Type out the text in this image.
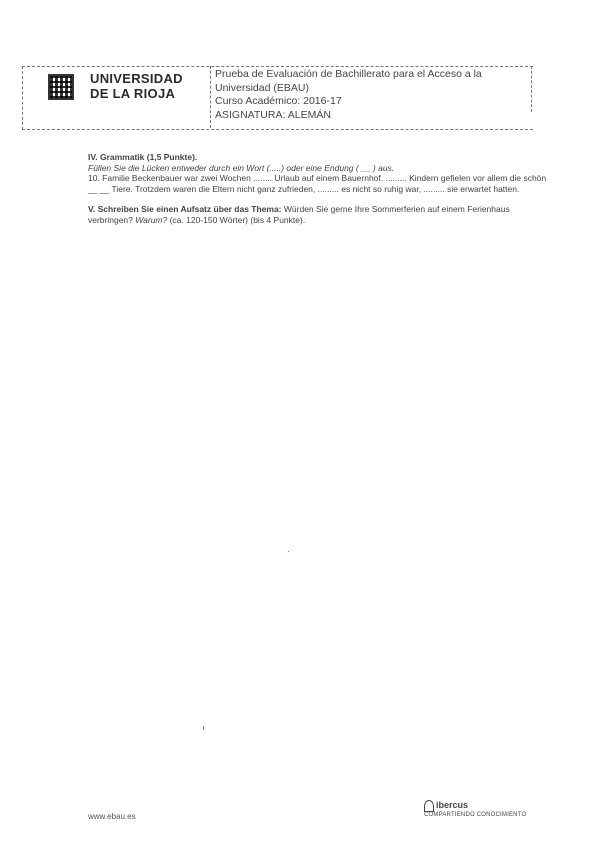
UNIVERSIDAD
DE LA RIOJA
Prueba de Evaluación de Bachillerato para el Acceso a la
Universidad (EBAU)
Curso Académico: 2016-17
ASIGNATURA: ALEMÁN
IV. Grammatik (1,5 Punkte).
Füllen Sie die Lücken entweder durch ein Wort (.....) oder eine Endung ( __ ) aus.
10. Familie Beckenbauer war zwei Wochen ........ Urlaub auf einem Bauernhof. ......... Kindern gefielen vor allem die schön __ __ Tiere. Trotzdem waren die Eltern nicht ganz zufrieden, ......... es nicht so ruhig war, ......... sie erwartet hatten.
V. Schreiben Sie einen Aufsatz über das Thema: Würden Sie gerne Ihre Sommerferien auf einem Ferienhaus verbringen? Warum? (ca. 120-150 Wörter) (bis 4 Punkte).
www.ebau.es
ibercus
COMPARTIENDO CONOCIMIENTO
